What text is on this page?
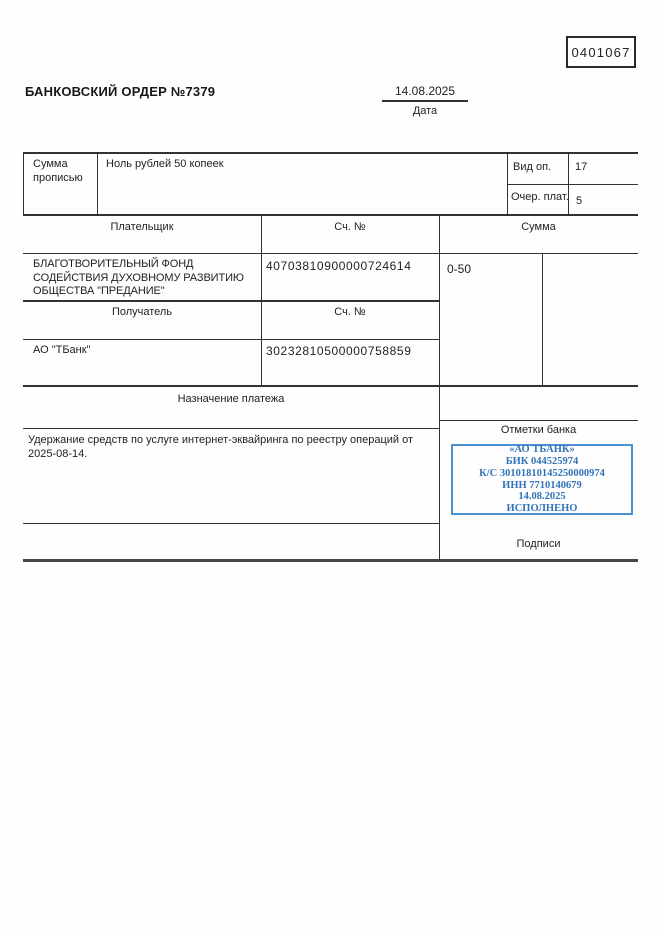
0401067
БАНКОВСКИЙ ОРДЕР №7379	14.08.2025
Дата
Сумма прописью
Ноль рублей 50 копеек	Вид оп. 17
Очер. плат. 5
Плательщик	Сч. №	Сумма
БЛАГОТВОРИТЕЛЬНЫЙ ФОНД СОДЕЙСТВИЯ ДУХОВНОМУ РАЗВИТИЮ ОБЩЕСТВА "ПРЕДАНИЕ"
40703810900000724614	0-50
Получатель	Сч. №
АО "ТБанк"	30232810500000758859
Назначение платежа
Удержание средств по услуге интернет-эквайринга по реестру операций от 2025-08-14.
Отметки банка
«АО ТБАНК»
БИК 044525974
К/С 30101810145250000974
ИНН 7710140679
14.08.2025
ИСПОЛНЕНО
Подписи
